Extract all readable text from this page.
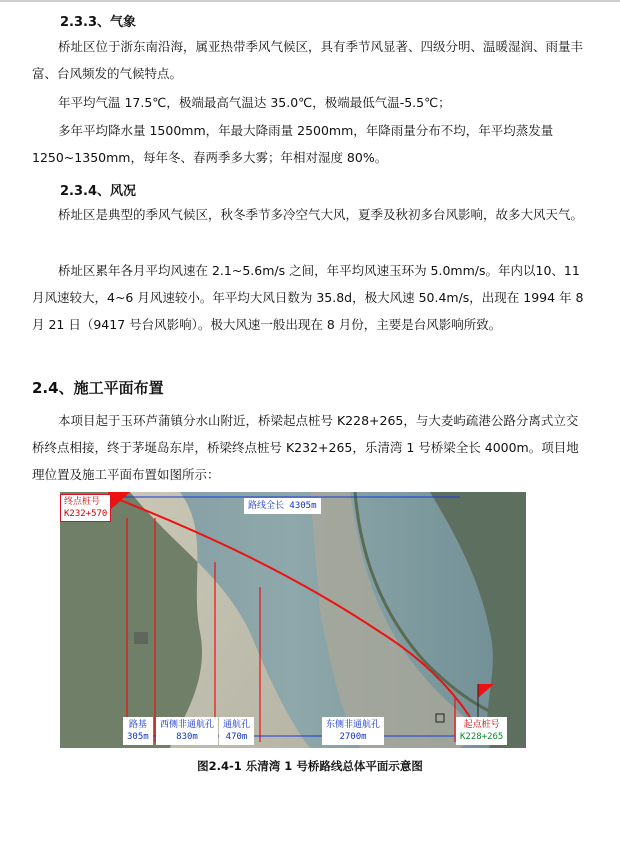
2.3.3、气象

桥址区位于浙东南沿海，属亚热带季风气候区，具有季节风显著、四级分明、温暖湿润、雨量丰富、台风频发的气候特点。

年平均气温 17.5℃，极端最高气温达 35.0℃，极端最低气温-5.5℃；

多年平均降水量 1500mm，年最大降雨量 2500mm，年降雨量分布不均，年平均蒸发量 1250~1350mm，每年冬、春两季多大雾；年相对湿度 80%。

2.3.4、风况

桥址区是典型的季风气候区，秋冬季节多冷空气大风，夏季及秋初多台风影响，故多大风天气。

桥址区累年各月平均风速在 2.1~5.6m/s 之间，年平均风速玉环为 5.0mm/s。年内以10、11 月风速较大，4~6 月风速较小。年平均大风日数为 35.8d，极大风速 50.4m/s，出现在 1994 年 8 月 21 日（9417 号台风影响）。极大风速一般出现在 8 月份，主要是台风影响所致。

2.4、施工平面布置

本项目起于玉环芦蒲镇分水山附近，桥梁起点桩号 K228+265，与大麦屿疏港公路分离式立交桥终点相接，终于茅埏岛东岸，桥梁终点桩号 K232+265，乐清湾 1 号桥梁全长 4000m。项目地理位置及施工平面布置如图所示：

终点桩号
K232+570
路线全长 4305m
路基
305m
西侧非通航孔
830m
通航孔
470m
东侧非通航孔
2700m
起点桩号
K228+265
图2.4-1 乐清湾 1 号桥路线总体平面示意图
